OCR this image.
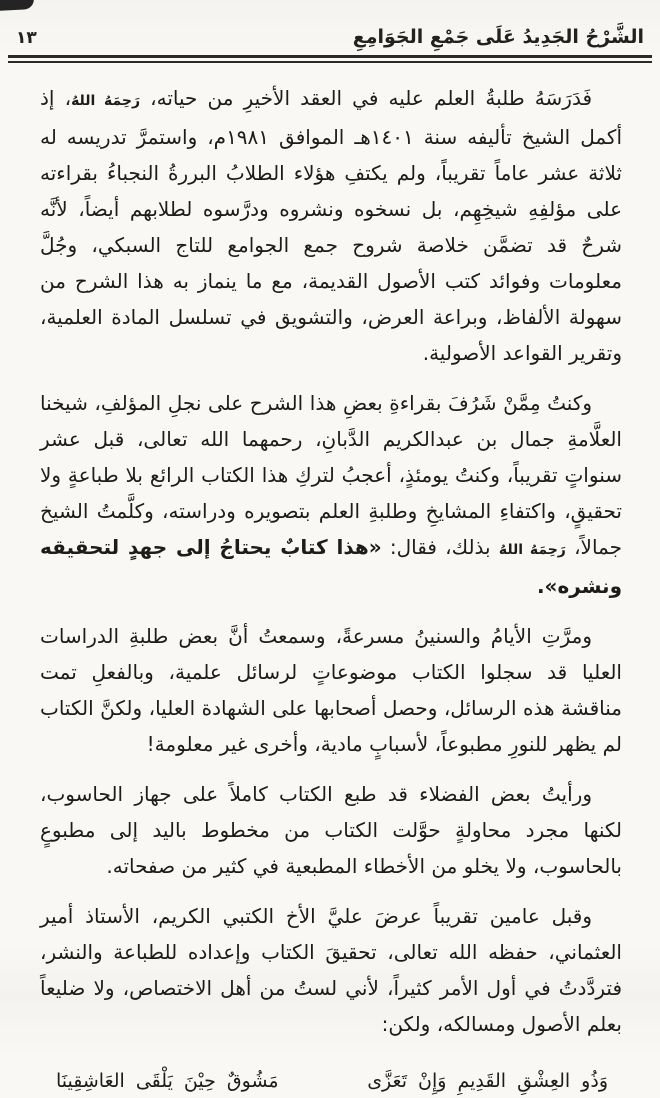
الشَّرْحُ الجَدِيدُ عَلَى جَمْعِ الجَوَامِعِ
١٣

فَدَرَسَهُ طلبةُ العلم عليه في العقد الأخيرِ من حياته، رَحِمَهُ اللهُ، إذ أكمل الشيخ تأليفه سنة ١٤٠١هـ الموافق ١٩٨١م، واستمرَّ تدريسه له ثلاثة عشر عاماً تقريباً، ولم يكتفِ هؤلاء الطلابُ البررةُ النجباءُ بقراءته على مؤلفِهِ شيخِهِم، بل نسخوه ونشروه ودرَّسوه لطلابهم أيضاً، لأنَّه شرحٌ قد تضمَّن خلاصة شروح جمع الجوامع للتاج السبكي، وجُلَّ معلومات وفوائد كتب الأصول القديمة، مع ما ينماز به هذا الشرح من سهولة الألفاظ، وبراعة العرض، والتشويق في تسلسل المادة العلمية، وتقرير القواعد الأصولية.

وكنتُ مِمَّنْ شَرُفَ بقراءةِ بعضِ هذا الشرح على نجلِ المؤلفِ، شيخنا العلَّامةِ جمال بن عبدالكريم الدَّبانِ، رحمهما الله تعالى، قبل عشر سنواتٍ تقريباً، وكنتُ يومئذٍ، أعجبُ لتركِ هذا الكتاب الرائع بلا طباعةٍ ولا تحقيقٍ، واكتفاءِ المشايخِ وطلبةِ العلم بتصويره ودراسته، وكلَّمتُ الشيخ جمالاً، رَحِمَهُ اللهُ بذلك، فقال: «هذا كتابٌ يحتاجُ إلى جهدٍ لتحقيقه ونشره».

ومرَّتِ الأيامُ والسنينُ مسرعةً، وسمعتُ أنَّ بعض طلبةِ الدراسات العليا قد سجلوا الكتاب موضوعاتٍ لرسائل علمية، وبالفعلِ تمت مناقشة هذه الرسائل، وحصل أصحابها على الشهادة العليا، ولكنَّ الكتاب لم يظهر للنورِ مطبوعاً، لأسبابٍ مادية، وأخرى غير معلومة!

ورأيتُ بعض الفضلاء قد طبع الكتاب كاملاً على جهاز الحاسوب، لكنها مجرد محاولةٍ حوَّلت الكتاب من مخطوط باليد إلى مطبوعٍ بالحاسوب، ولا يخلو من الأخطاء المطبعية في كثير من صفحاته.

وقبل عامين تقريباً عرضَ عليَّ الأخ الكتبي الكريم، الأستاذ أمير العثماني، حفظه الله تعالى، تحقيقَ الكتاب وإعداده للطباعة والنشر، فتردَّدتُ في أول الأمر كثيراً، لأني لستُ من أهل الاختصاص، ولا ضليعاً بعلم الأصول ومسالكه، ولكن:

وَذُو العِشْقِ القَدِيمِ وَإِنْ تَعَزَّى
مَشُوقٌ حِيْنَ يَلْقَى العَاشِقِينَا
